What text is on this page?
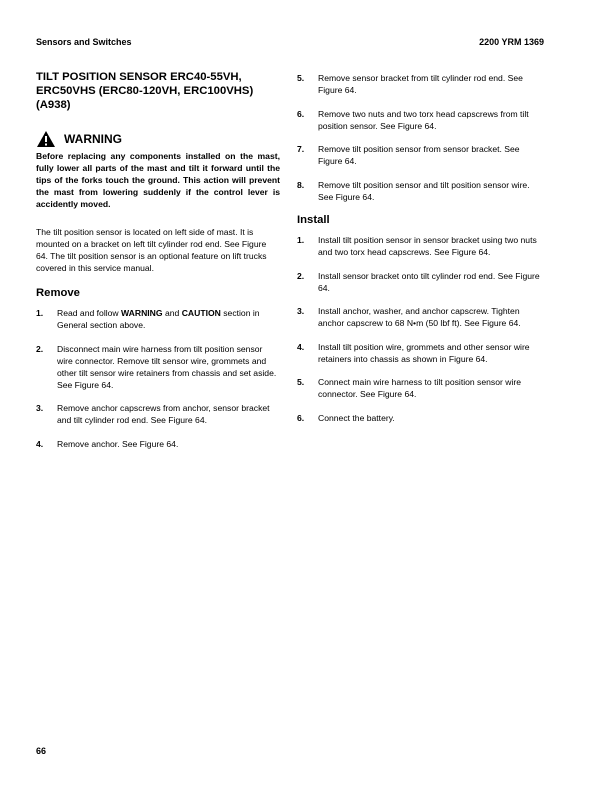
Sensors and Switches	2200 YRM 1369
TILT POSITION SENSOR ERC40-55VH, ERC50VHS (ERC80-120VH, ERC100VHS) (A938)
WARNING

Before replacing any components installed on the mast, fully lower all parts of the mast and tilt it forward until the tips of the forks touch the ground. This action will prevent the mast from lowering suddenly if the control lever is accidently moved.

The tilt position sensor is located on left side of mast. It is mounted on a bracket on left tilt cylinder rod end. See Figure 64. The tilt position sensor is an optional feature on lift trucks covered in this service manual.

Remove
1.	Read and follow WARNING and CAUTION section in General section above.
2.	Disconnect main wire harness from tilt position sensor wire connector. Remove tilt sensor wire, grommets and other tilt sensor wire retainers from chassis and set aside. See Figure 64.
3.	Remove anchor capscrews from anchor, sensor bracket and tilt cylinder rod end. See Figure 64.
4.	Remove anchor. See Figure 64.
5.	Remove sensor bracket from tilt cylinder rod end. See Figure 64.
6.	Remove two nuts and two torx head capscrews from tilt position sensor. See Figure 64.
7.	Remove tilt position sensor from sensor bracket. See Figure 64.
8.	Remove tilt position sensor and tilt position sensor wire. See Figure 64.
Install
1.	Install tilt position sensor in sensor bracket using two nuts and two torx head capscrews. See Figure 64.
2.	Install sensor bracket onto tilt cylinder rod end. See Figure 64.
3.	Install anchor, washer, and anchor capscrew. Tighten anchor capscrew to 68 N•m (50 lbf ft). See Figure 64.
4.	Install tilt position wire, grommets and other sensor wire retainers into chassis as shown in Figure 64.
5.	Connect main wire harness to tilt position sensor wire connector. See Figure 64.
6.	Connect the battery.
66
